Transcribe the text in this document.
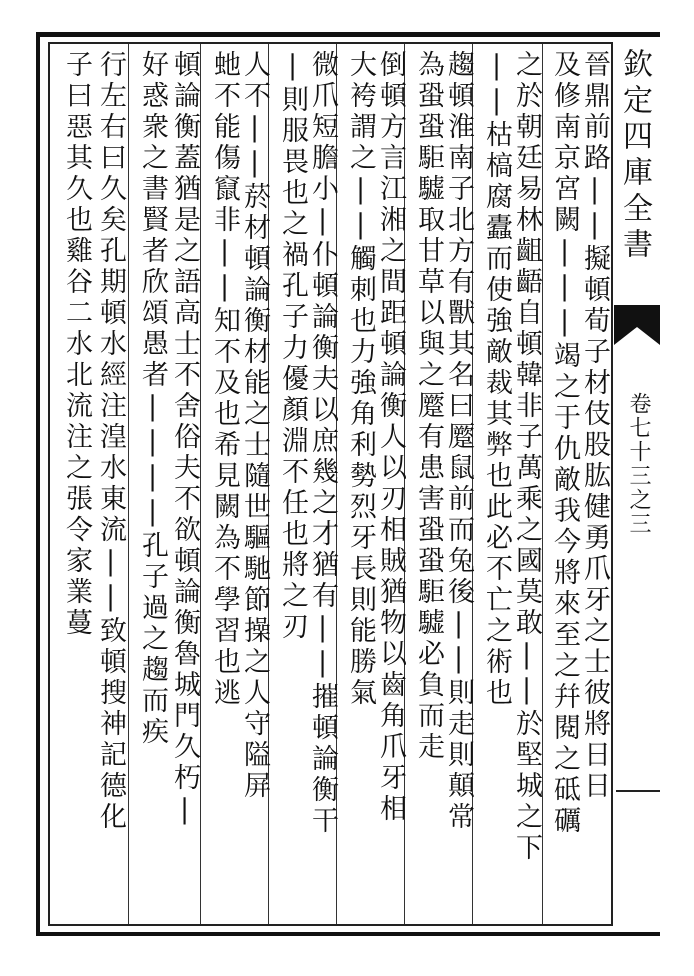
欽定四庫全書
卷七十三之三
晉鼎前路||擬頓荀子材伎股肱健勇爪牙之士彼將日日
及修南京宮闕|||竭之于仇敵我今將來至之幷閱之砥礪
之於朝廷易林齟齬自頓韓非子萬乘之國莫敢||於堅城之下
||枯槁腐蠹而使強敵裁其弊也此必不亡之術也
趨頓淮南子北方有獸其名曰蹷鼠前而兔後||則走則顛常
為蛩蛩駏驉取甘草以與之蹷有患害蛩蛩駏驉必負而走
倒頓方言江湘之間距頓論衡人以刃相賊猶物以齒角爪牙相
大袴謂之||觸刺也力強角利勢烈牙長則能勝氣
微爪短膽小|仆頓論衡夫以庶幾之才猶有||摧頓論衡干
|則服畏也之禍孔子力優顏淵不任也將之刃
人不||菸材頓論衡材能之士隨世驅馳節操之人守隘屏
虵不能傷竄非||知不及也希見闕為不學習也逃
頓論衡蓋猶是之語高士不舍俗夫不欲頓論衡魯城門久朽|
好惑衆之書賢者欣頌愚者||||孔子過之趨而疾
行左右曰久矣孔期頓水經注湟水東流||致頓搜神記德化
子曰惡其久也雞谷二水北流注之張令家業蔓
